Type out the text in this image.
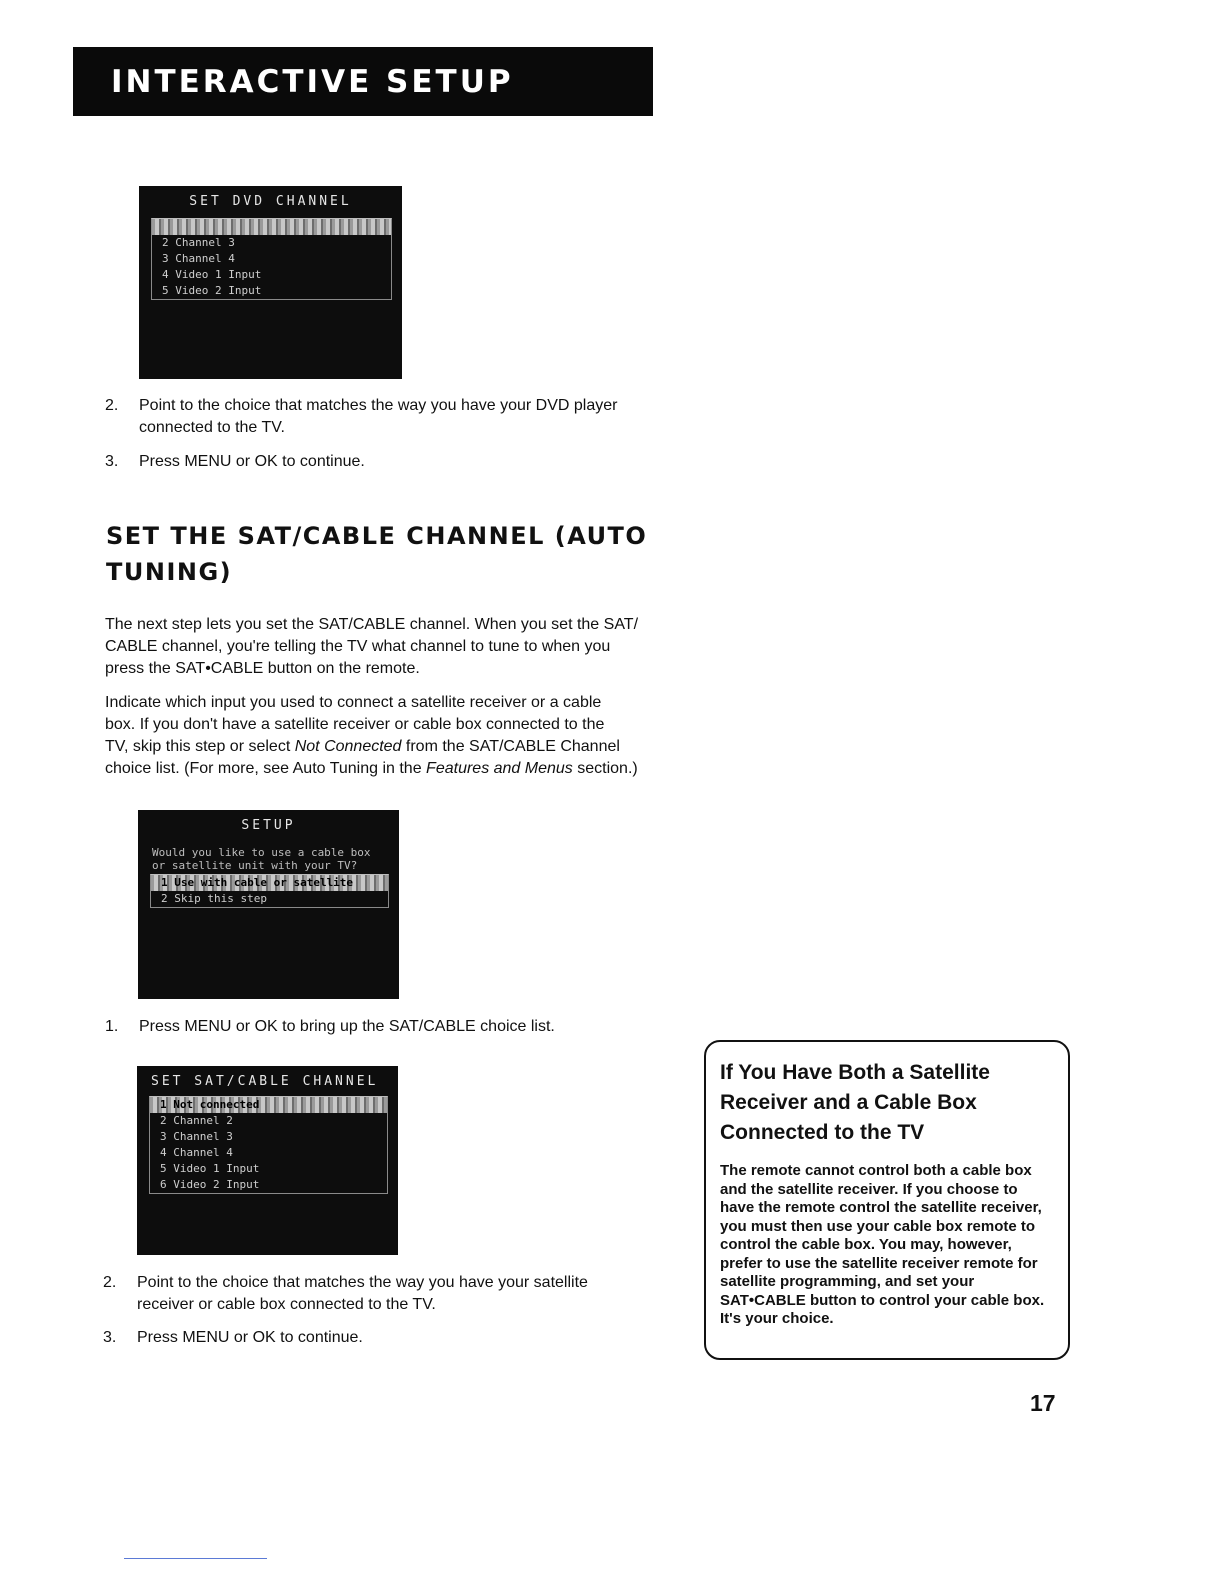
INTERACTIVE SETUP
SET DVD CHANNEL
2 Channel 3
3 Channel 4
4 Video 1 Input
5 Video 2 Input
2. Point to the choice that matches the way you have your DVD player
connected to the TV.
3. Press MENU or OK to continue.
SET THE SAT/CABLE CHANNEL (AUTO TUNING)
The next step lets you set the SAT/CABLE channel. When you set the SAT/
CABLE channel, you're telling the TV what channel to tune to when you
press the SAT•CABLE button on the remote.
Indicate which input you used to connect a satellite receiver or a cable
box. If you don't have a satellite receiver or cable box connected to the
TV, skip this step or select Not Connected from the SAT/CABLE Channel
choice list. (For more, see Auto Tuning in the Features and Menus section.)
SETUP
Would you like to use a cable box or satellite unit with your TV?
1 Use with cable or satellite
2 Skip this step
1. Press MENU or OK to bring up the SAT/CABLE choice list.
SET SAT/CABLE CHANNEL
1 Not connected
2 Channel 2
3 Channel 3
4 Channel 4
5 Video 1 Input
6 Video 2 Input
2. Point to the choice that matches the way you have your satellite
receiver or cable box connected to the TV.
3. Press MENU or OK to continue.
If You Have Both a Satellite Receiver and a Cable Box Connected to the TV
The remote cannot control both a cable box and the satellite receiver. If you choose to have the remote control the satellite receiver, you must then use your cable box remote to control the cable box. You may, however, prefer to use the satellite receiver remote for satellite programming, and set your SAT•CABLE button to control your cable box. It's your choice.
17
